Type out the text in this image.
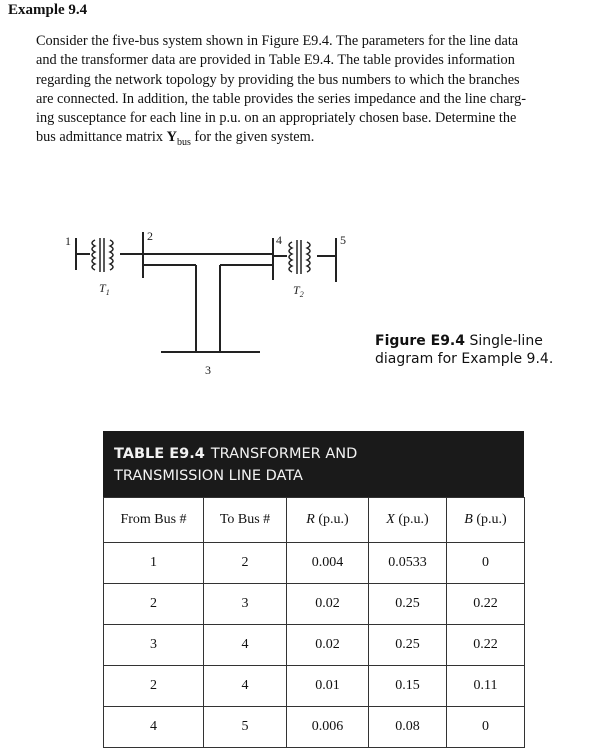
Example 9.4
Consider the five-bus system shown in Figure E9.4. The parameters for the line data
and the transformer data are provided in Table E9.4. The table provides information
regarding the network topology by providing the bus numbers to which the branches
are connected. In addition, the table provides the series impedance and the line charg-
ing susceptance for each line in p.u. on an appropriately chosen base. Determine the
bus admittance matrix $Y_{bus}$ for the given system.
1	2
3
4	5
$T_1$	$T_2$
Figure E9.4 Single-line
diagram for Example 9.4.
TABLE E9.4 TRANSFORMER AND
TRANSMISSION LINE DATA
From Bus #	To Bus #	R (p.u.)	X (p.u.)	B (p.u.)
1	2	0.004	0.0533	0
2	3	0.02	0.25	0.22
3	4	0.02	0.25	0.22
2	4	0.01	0.15	0.11
4	5	0.006	0.08	0
